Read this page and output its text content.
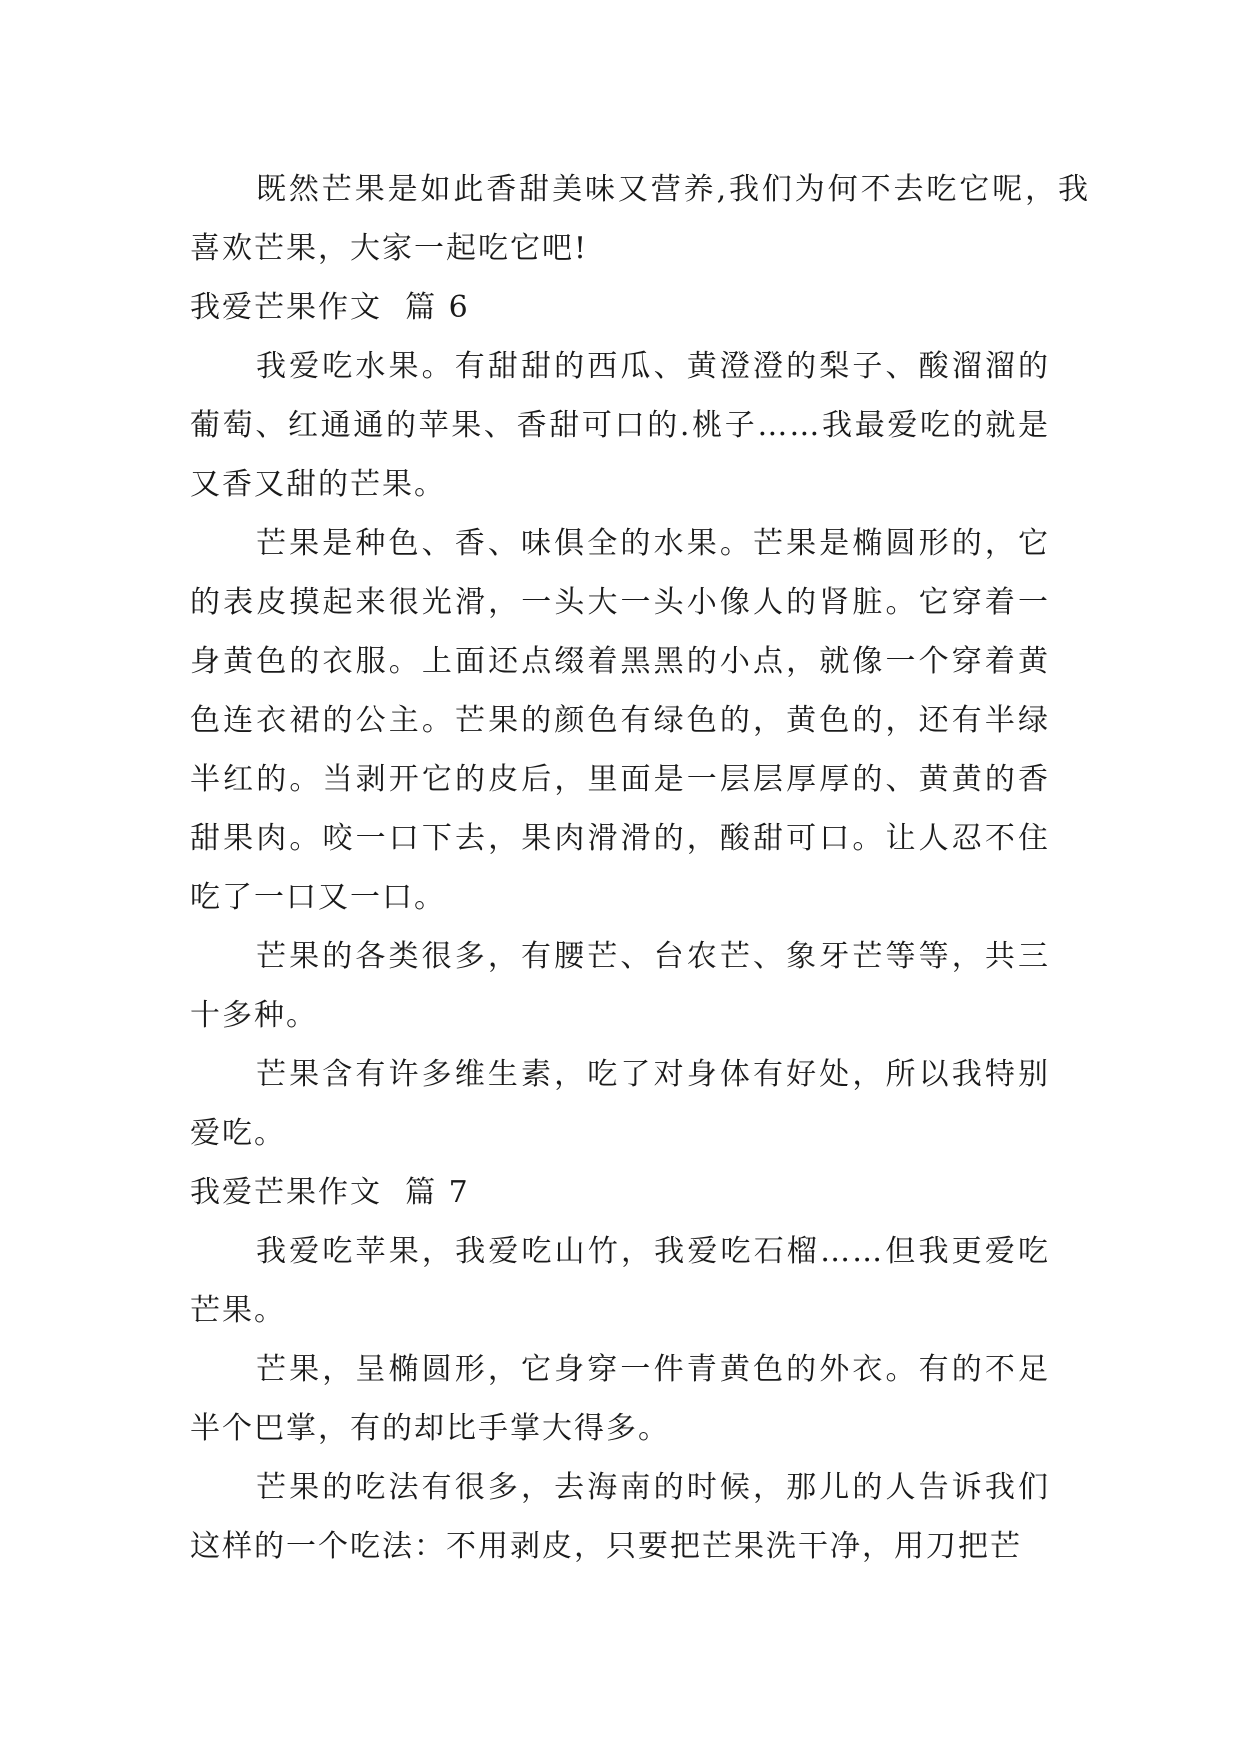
既然芒果是如此香甜美味又营养,我们为何不去吃它呢，我喜欢芒果，大家一起吃它吧!

我爱芒果作文  篇 6

我爱吃水果。有甜甜的西瓜、黄澄澄的梨子、酸溜溜的葡萄、红通通的苹果、香甜可口的.桃子……我最爱吃的就是又香又甜的芒果。

芒果是种色、香、味俱全的水果。芒果是椭圆形的，它的表皮摸起来很光滑，一头大一头小像人的肾脏。它穿着一身黄色的衣服。上面还点缀着黑黑的小点，就像一个穿着黄色连衣裙的公主。芒果的颜色有绿色的，黄色的，还有半绿半红的。当剥开它的皮后，里面是一层层厚厚的、黄黄的香甜果肉。咬一口下去，果肉滑滑的，酸甜可口。让人忍不住吃了一口又一口。

芒果的各类很多，有腰芒、台农芒、象牙芒等等，共三十多种。

芒果含有许多维生素，吃了对身体有好处，所以我特别爱吃。

我爱芒果作文  篇 7

我爱吃苹果，我爱吃山竹，我爱吃石榴……但我更爱吃芒果。

芒果，呈椭圆形，它身穿一件青黄色的外衣。有的不足半个巴掌，有的却比手掌大得多。

芒果的吃法有很多，去海南的时候，那儿的人告诉我们这样的一个吃法：不用剥皮，只要把芒果洗干净，用刀把芒
